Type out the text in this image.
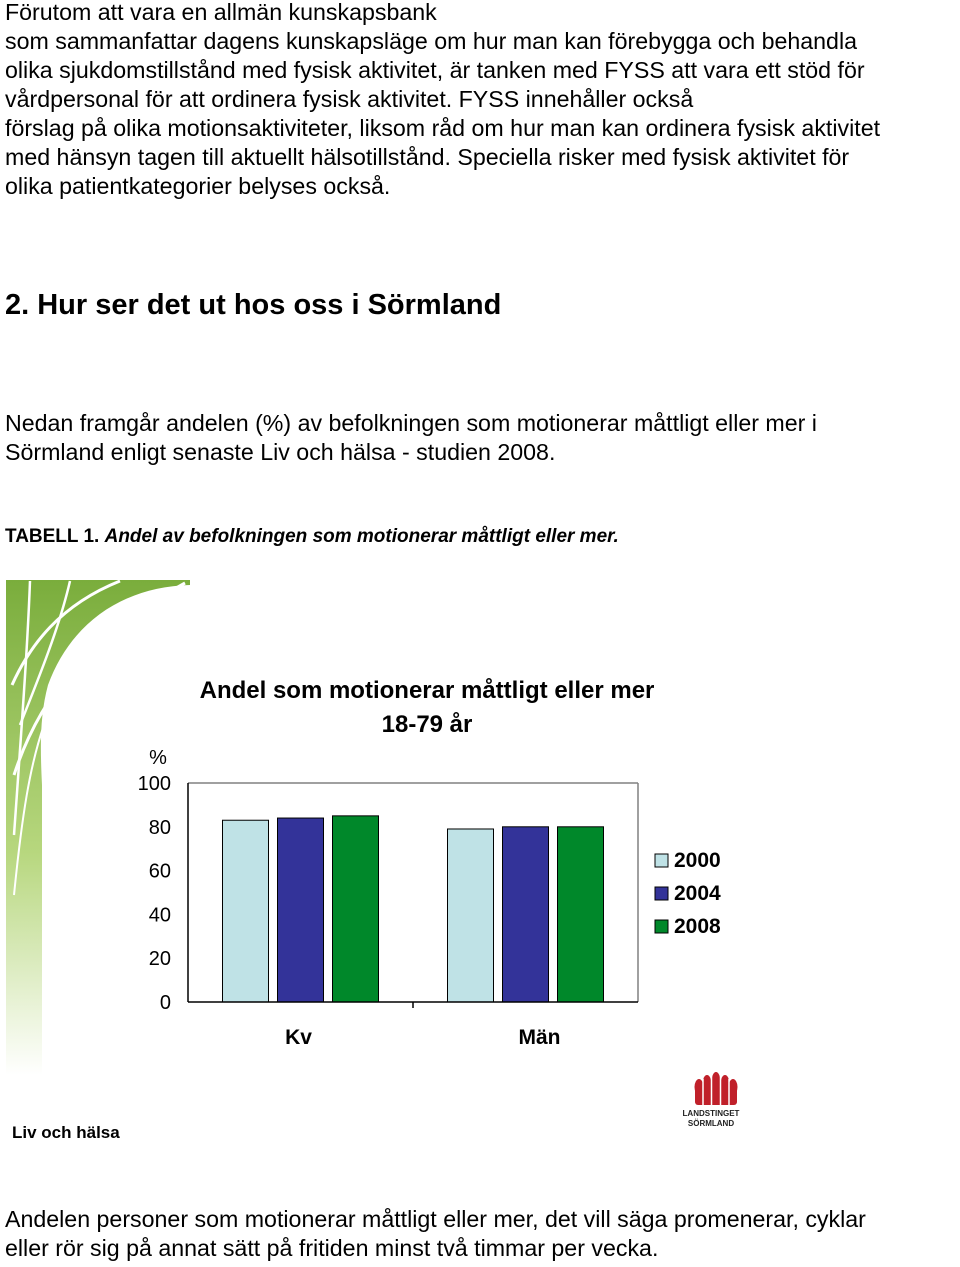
Förutom att vara en allmän kunskapsbank
som sammanfattar dagens kunskapsläge om hur man kan förebygga och behandla
olika sjukdomstillstånd med fysisk aktivitet, är tanken med FYSS att vara ett stöd för
vårdpersonal för att ordinera fysisk aktivitet. FYSS innehåller också
förslag på olika motionsaktiviteter, liksom råd om hur man kan ordinera fysisk aktivitet
med hänsyn tagen till aktuellt hälsotillstånd. Speciella risker med fysisk aktivitet för
olika patientkategorier belyses också.

2. Hur ser det ut hos oss i Sörmland

Nedan framgår andelen (%) av befolkningen som motionerar måttligt eller mer i
Sörmland enligt senaste Liv och hälsa - studien 2008.

TABELL 1. Andel av befolkningen som motionerar måttligt eller mer.

Andel som motionerar måttligt eller mer
18-79 år
%
0
20
40
60
80
100
Kv	Män
2000
2004
2008
Liv och hälsa
LANDSTINGET
SÖRMLAND

Andelen personer som motionerar måttligt eller mer, det vill säga promenerar, cyklar
eller rör sig på annat sätt på fritiden minst två timmar per vecka.
